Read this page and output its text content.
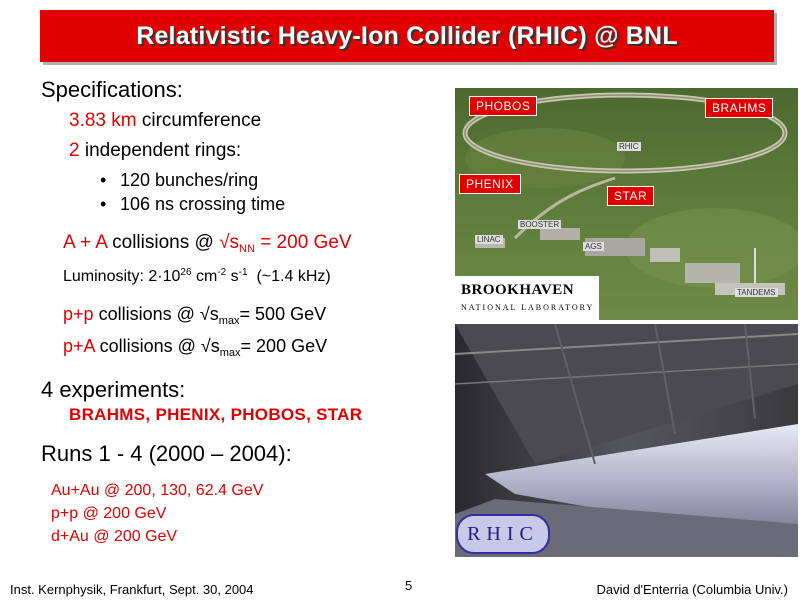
Relativistic Heavy-Ion Collider (RHIC) @ BNL
Specifications:
3.83 km circumference
2 independent rings:
• 120 bunches/ring
• 106 ns crossing time
A + A collisions @ $√s_{NN} = 200$ GeV
Luminosity: $2\cdot 10^{26}$ $cm^{-2}$ $s^{-1}$  (~1.4 kHz)
p+p collisions @ $√s_{max}= 500$ GeV
p+A collisions @ $√s_{max}= 200$ GeV
4 experiments:
BRAHMS, PHENIX, PHOBOS, STAR
Runs 1 - 4 (2000 – 2004):
Au+Au @ 200, 130, 62.4 GeV
p+p @ 200 GeV
d+Au @ 200 GeV
PHOBOS	BRAHMS
PHENIX
STAR
RHIC
BOOSTER
LINAC
AGS
TANDEMS
BROOKHAVEN
NATIONAL LABORATORY
RHIC
Inst. Kernphysik, Frankfurt, Sept. 30, 2004	5	David d'Enterria (Columbia Univ.)
